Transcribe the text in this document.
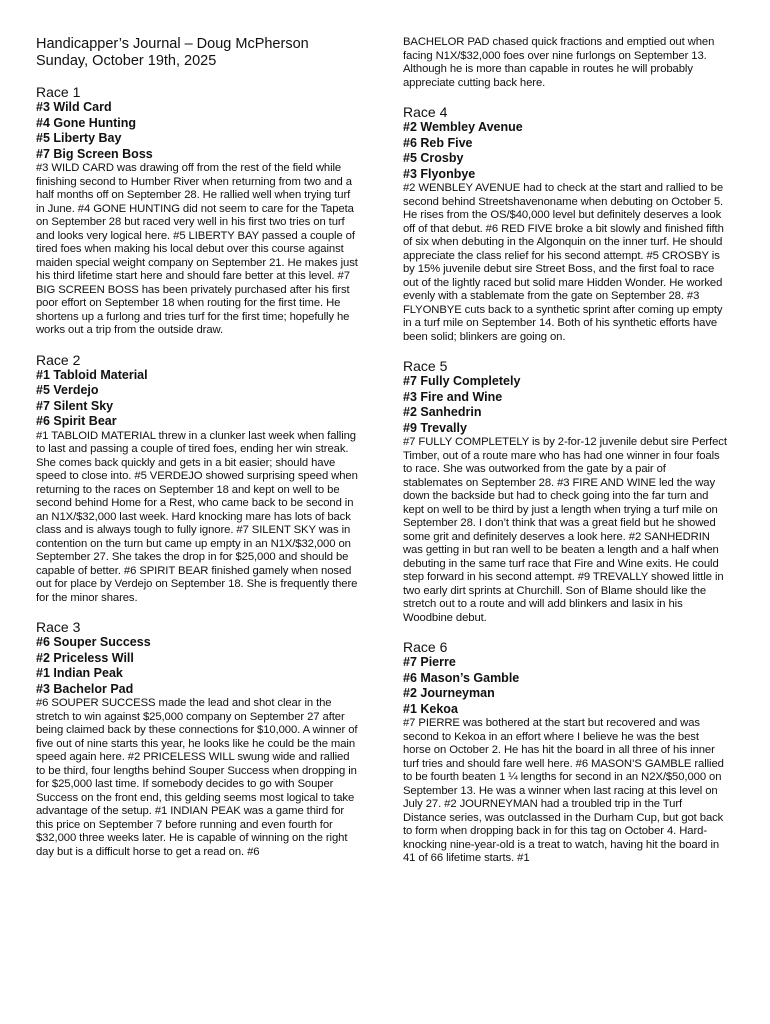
Handicapper’s Journal – Doug McPherson
Sunday, October 19th, 2025
Race 1

#3 Wild Card

#4 Gone Hunting

#5 Liberty Bay

#7 Big Screen Boss

#3 WILD CARD was drawing off from the rest of the field while finishing second to Humber River when returning from two and a half months off on September 28. He rallied well when trying turf in June. #4 GONE HUNTING did not seem to care for the Tapeta on September 28 but raced very well in his first two tries on turf and looks very logical here. #5 LIBERTY BAY passed a couple of tired foes when making his local debut over this course against maiden special weight company on September 21. He makes just his third lifetime start here and should fare better at this level. #7 BIG SCREEN BOSS has been privately purchased after his first poor effort on September 18 when routing for the first time. He shortens up a furlong and tries turf for the first time; hopefully he works out a trip from the outside draw.

Race 2

#1 Tabloid Material

#5 Verdejo

#7 Silent Sky

#6 Spirit Bear

#1 TABLOID MATERIAL threw in a clunker last week when falling to last and passing a couple of tired foes, ending her win streak. She comes back quickly and gets in a bit easier; should have speed to close into. #5 VERDEJO showed surprising speed when returning to the races on September 18 and kept on well to be second behind Home for a Rest, who came back to be second in an N1X/$32,000 last week. Hard knocking mare has lots of back class and is always tough to fully ignore. #7 SILENT SKY was in contention on the turn but came up empty in an N1X/$32,000 on September 27. She takes the drop in for $25,000 and should be capable of better. #6 SPIRIT BEAR finished gamely when nosed out for place by Verdejo on September 18. She is frequently there for the minor shares.

Race 3

#6 Souper Success

#2 Priceless Will

#1 Indian Peak

#3 Bachelor Pad

#6 SOUPER SUCCESS made the lead and shot clear in the stretch to win against $25,000 company on September 27 after being claimed back by these connections for $10,000. A winner of five out of nine starts this year, he looks like he could be the main speed again here. #2 PRICELESS WILL swung wide and rallied to be third, four lengths behind Souper Success when dropping in for $25,000 last time. If somebody decides to go with Souper Success on the front end, this gelding seems most logical to take advantage of the setup. #1 INDIAN PEAK was a game third for this price on September 7 before running and even fourth for $32,000 three weeks later. He is capable of winning on the right day but is a difficult horse to get a read on. #6

BACHELOR PAD chased quick fractions and emptied out when facing N1X/$32,000 foes over nine furlongs on September 13. Although he is more than capable in routes he will probably appreciate cutting back here.

Race 4

#2 Wembley Avenue

#6 Reb Five

#5 Crosby

#3 Flyonbye

#2 WENBLEY AVENUE had to check at the start and rallied to be second behind Streetshavenoname when debuting on October 5. He rises from the OS/$40,000 level but definitely deserves a look off of that debut. #6 RED FIVE broke a bit slowly and finished fifth of six when debuting in the Algonquin on the inner turf. He should appreciate the class relief for his second attempt. #5 CROSBY is by 15% juvenile debut sire Street Boss, and the first foal to race out of the lightly raced but solid mare Hidden Wonder. He worked evenly with a stablemate from the gate on September 28. #3 FLYONBYE cuts back to a synthetic sprint after coming up empty in a turf mile on September 14. Both of his synthetic efforts have been solid; blinkers are going on.

Race 5

#7 Fully Completely

#3 Fire and Wine

#2 Sanhedrin

#9 Trevally

#7 FULLY COMPLETELY is by 2-for-12 juvenile debut sire Perfect Timber, out of a route mare who has had one winner in four foals to race. She was outworked from the gate by a pair of stablemates on September 28. #3 FIRE AND WINE led the way down the backside but had to check going into the far turn and kept on well to be third by just a length when trying a turf mile on September 28. I don’t think that was a great field but he showed some grit and definitely deserves a look here. #2 SANHEDRIN was getting in but ran well to be beaten a length and a half when debuting in the same turf race that Fire and Wine exits. He could step forward in his second attempt. #9 TREVALLY showed little in two early dirt sprints at Churchill. Son of Blame should like the stretch out to a route and will add blinkers and lasix in his Woodbine debut.

Race 6

#7 Pierre

#6 Mason’s Gamble

#2 Journeyman

#1 Kekoa

#7 PIERRE was bothered at the start but recovered and was second to Kekoa in an effort where I believe he was the best horse on October 2. He has hit the board in all three of his inner turf tries and should fare well here. #6 MASON’S GAMBLE rallied to be fourth beaten 1 ¼ lengths for second in an N2X/$50,000 on September 13. He was a winner when last racing at this level on July 27. #2 JOURNEYMAN had a troubled trip in the Turf Distance series, was outclassed in the Durham Cup, but got back to form when dropping back in for this tag on October 4. Hard-knocking nine-year-old is a treat to watch, having hit the board in 41 of 66 lifetime starts. #1
